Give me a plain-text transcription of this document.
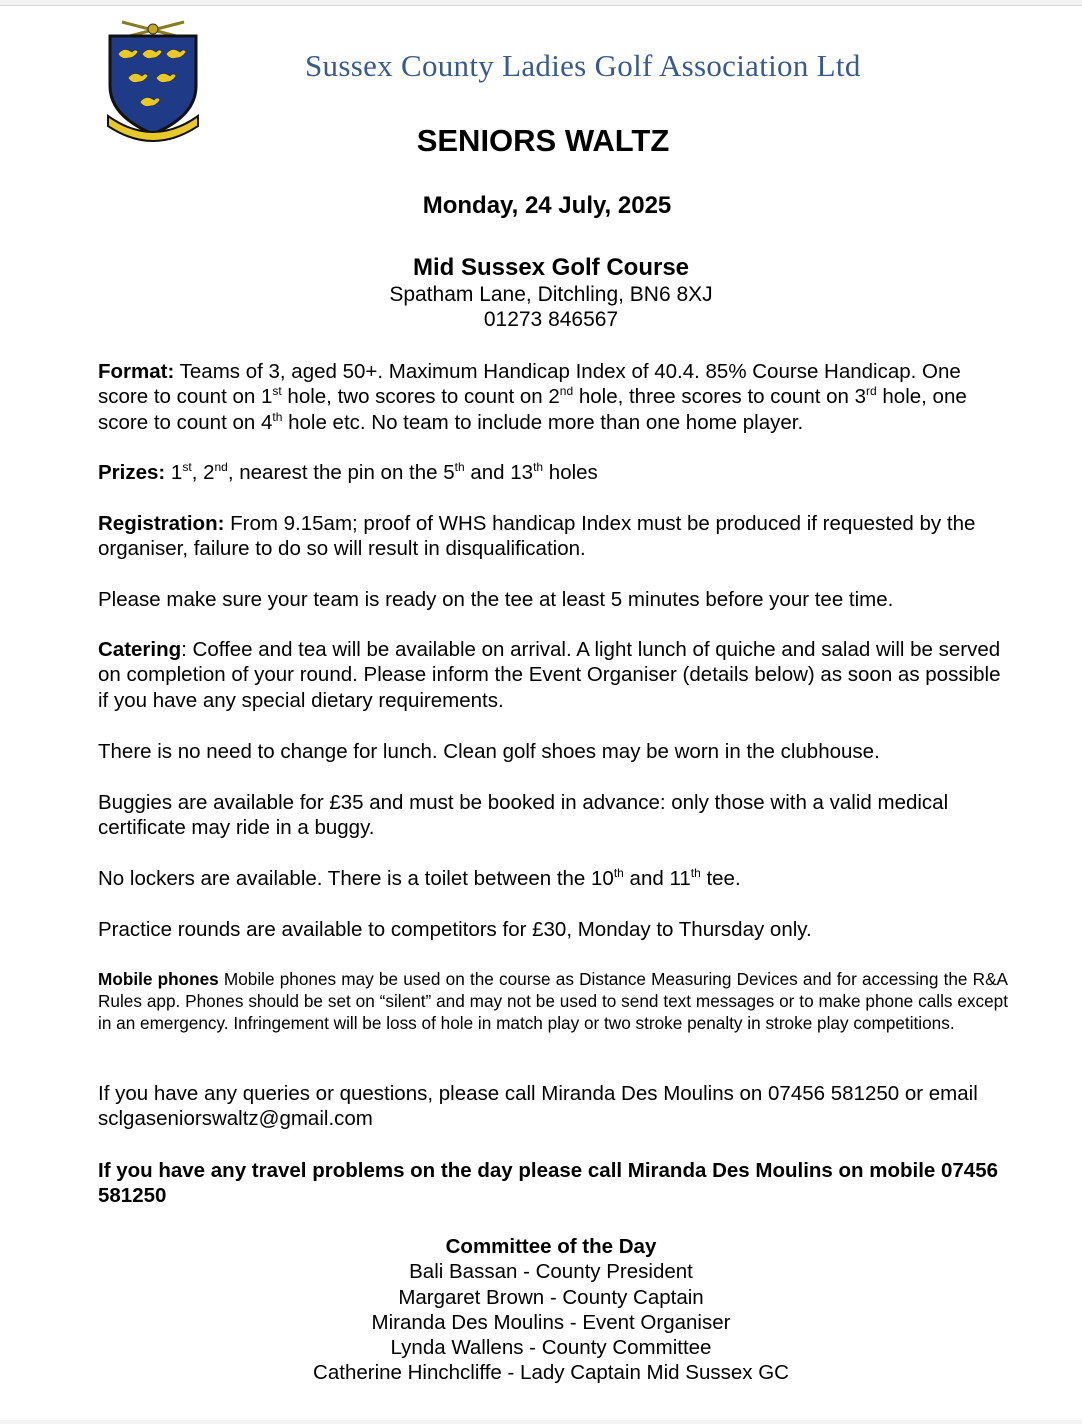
Sussex County Ladies Golf Association Ltd
SENIORS WALTZ
Monday, 24 July, 2025
Mid Sussex Golf Course
Spatham Lane, Ditchling, BN6 8XJ
01273 846567
Format: Teams of 3, aged 50+. Maximum Handicap Index of 40.4. 85% Course Handicap. One score to count on 1st hole, two scores to count on 2nd hole, three scores to count on 3rd hole, one score to count on 4th hole etc. No team to include more than one home player.
Prizes: 1st, 2nd, nearest the pin on the 5th and 13th holes
Registration: From 9.15am; proof of WHS handicap Index must be produced if requested by the organiser, failure to do so will result in disqualification.
Please make sure your team is ready on the tee at least 5 minutes before your tee time.
Catering: Coffee and tea will be available on arrival. A light lunch of quiche and salad will be served on completion of your round. Please inform the Event Organiser (details below) as soon as possible if you have any special dietary requirements.
There is no need to change for lunch. Clean golf shoes may be worn in the clubhouse.
Buggies are available for £35 and must be booked in advance: only those with a valid medical certificate may ride in a buggy.
No lockers are available. There is a toilet between the 10th and 11th tee.
Practice rounds are available to competitors for £30, Monday to Thursday only.
Mobile phones Mobile phones may be used on the course as Distance Measuring Devices and for accessing the R&A Rules app. Phones should be set on “silent” and may not be used to send text messages or to make phone calls except in an emergency. Infringement will be loss of hole in match play or two stroke penalty in stroke play competitions.
If you have any queries or questions, please call Miranda Des Moulins on 07456 581250 or email sclgaseniorswaltz@gmail.com
If you have any travel problems on the day please call Miranda Des Moulins on mobile 07456 581250
Committee of the Day
Bali Bassan - County President
Margaret Brown - County Captain
Miranda Des Moulins - Event Organiser
Lynda Wallens - County Committee
Catherine Hinchcliffe - Lady Captain Mid Sussex GC
